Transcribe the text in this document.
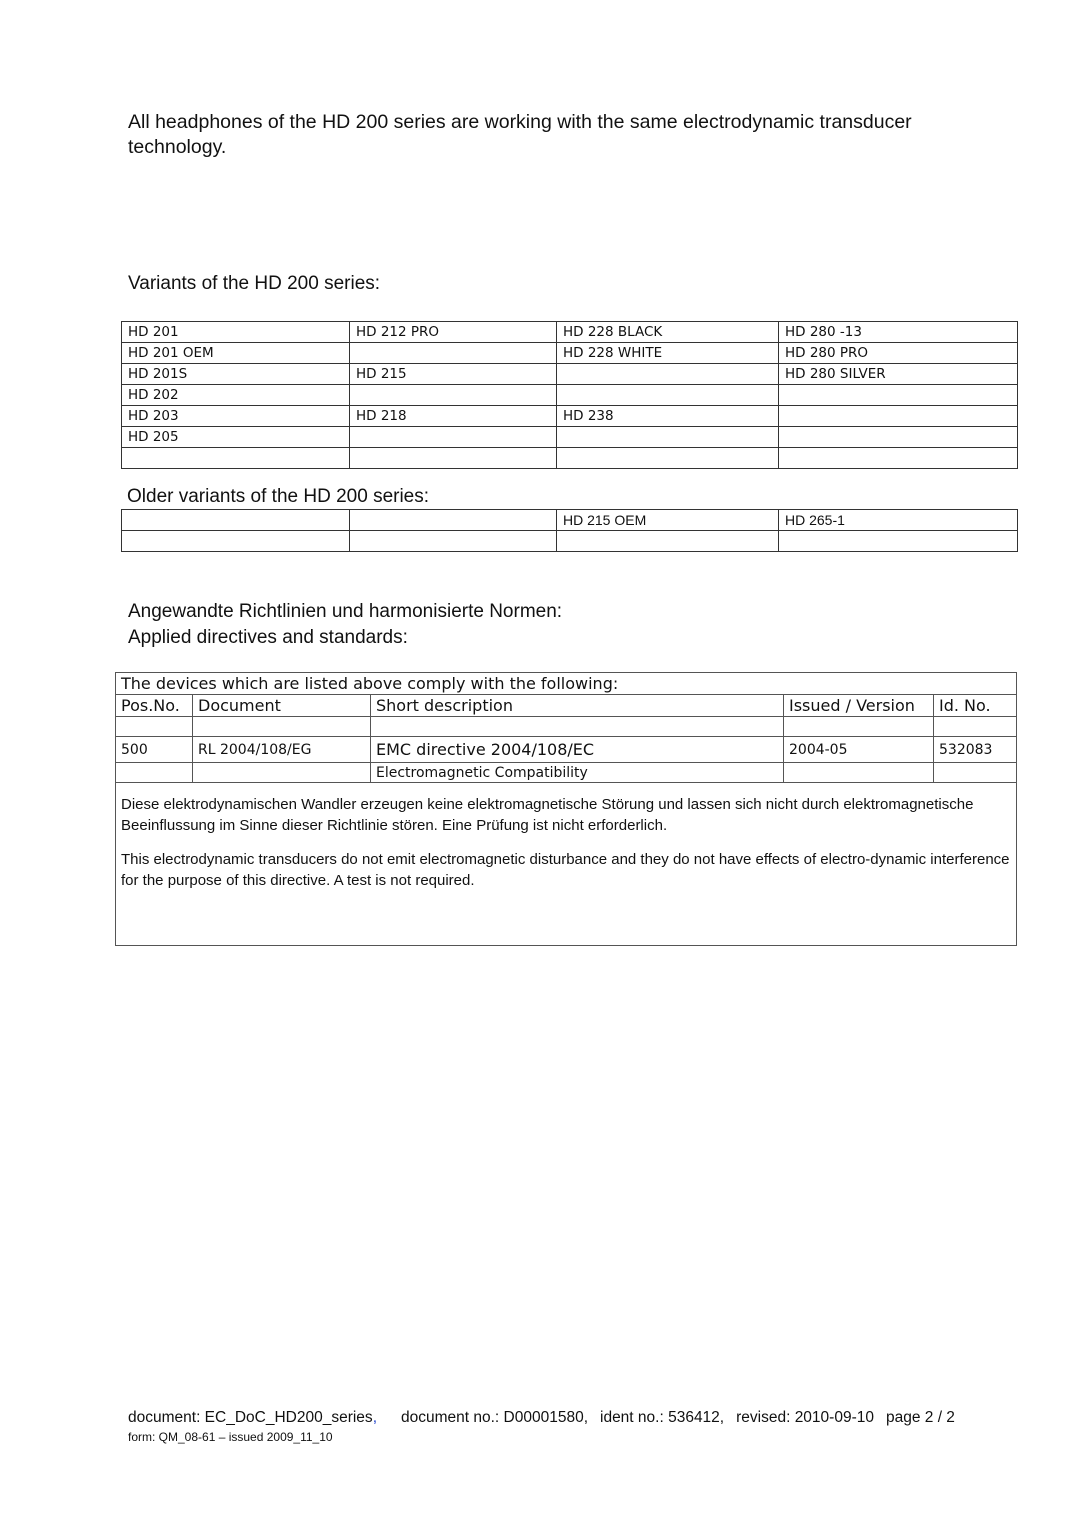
All headphones of the HD 200 series are working with the same electrodynamic transducer technology.
Variants of the HD 200 series:
HD 201	HD 212 PRO	HD 228 BLACK	HD 280 -13
HD 201 OEM		HD 228 WHITE	HD 280 PRO
HD 201S	HD 215		HD 280 SILVER
HD 202			
HD 203	HD 218	HD 238	
HD 205			

Older variants of the HD 200 series:
		HD 215 OEM	HD 265-1

Angewandte Richtlinien und harmonisierte Normen:
Applied directives and standards:
The devices which are listed above comply with the following:				
Pos.No.	Document	Short description	Issued / Version	Id. No.

500	RL 2004/108/EG	EMC directive 2004/108/EC	2004-05	532083
		Electromagnetic Compatibility		

Diese elektrodynamischen Wandler erzeugen keine elektromagnetische Störung und lassen sich nicht durch elektromagnetische Beeinflussung im Sinne dieser Richtlinie stören. Eine Prüfung ist nicht erforderlich.

This electrodynamic transducers do not emit electromagnetic disturbance and they do not have effects of electro-dynamic interference for the purpose of this directive. A test is not required.				

document: EC_DoC_HD200_series, document no.: D00001580, ident no.: 536412, revised: 2010-09-10 page 2 / 2
form: QM_08-61 – issued 2009_11_10
